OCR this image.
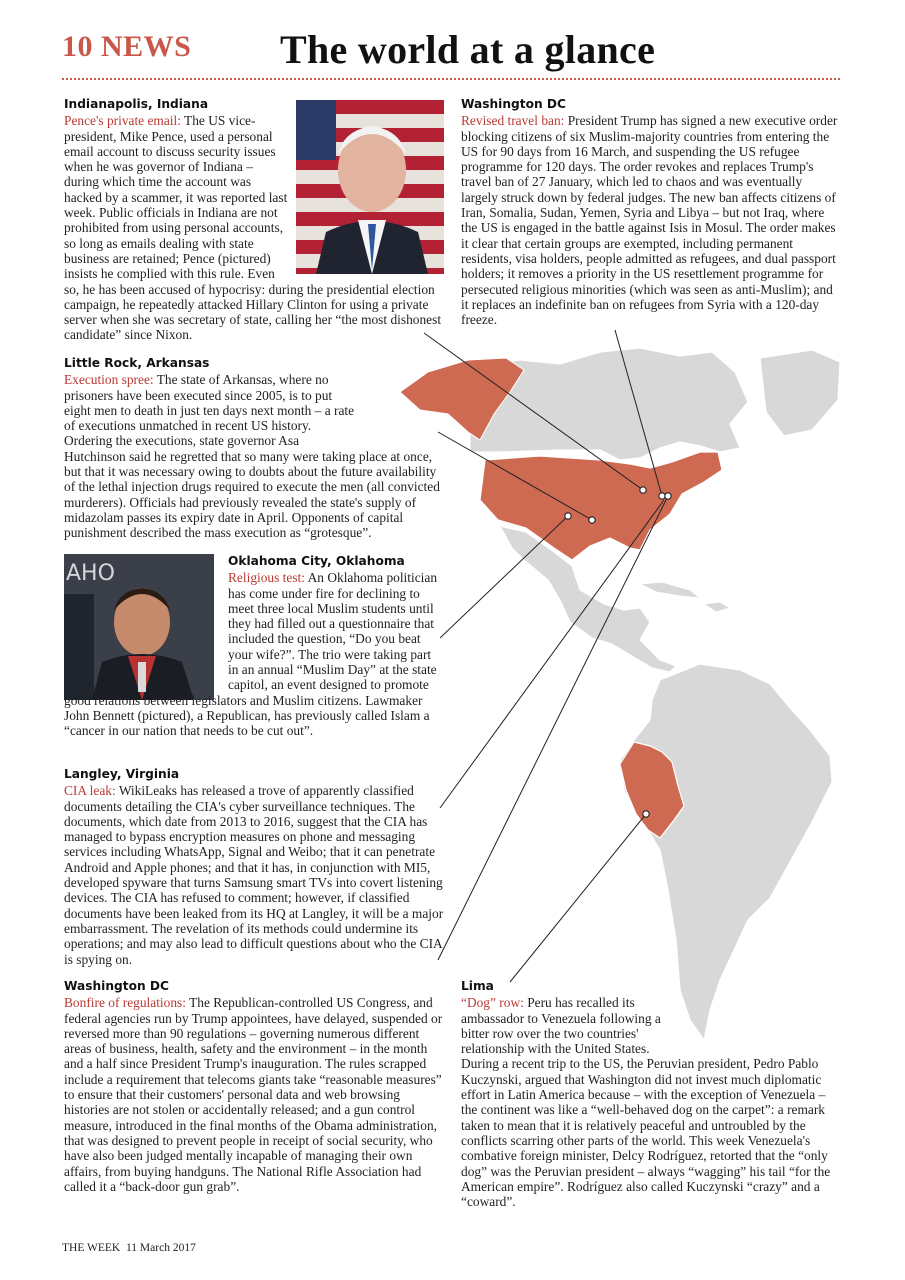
10 NEWS The world at a glance
AHO
Indianapolis, Indiana

Pence's private email: The US vice-president, Mike Pence, used a personal email account to discuss security issues when he was governor of Indiana – during which time the account was hacked by a scammer, it was reported last week. Public officials in Indiana are not prohibited from using personal accounts, so long as emails dealing with state business are retained; Pence (pictured) insists he complied with this rule. Even so, he has been accused of hypocrisy: during the presidential election campaign, he repeatedly attacked Hillary Clinton for using a private server when she was secretary of state, calling her “the most dishonest candidate” since Nixon.

Washington DC

Revised travel ban: President Trump has signed a new executive order blocking citizens of six Muslim-majority countries from entering the US for 90 days from 16 March, and suspending the US refugee programme for 120 days. The order revokes and replaces Trump's travel ban of 27 January, which led to chaos and was eventually largely struck down by federal judges. The new ban affects citizens of Iran, Somalia, Sudan, Yemen, Syria and Libya – but not Iraq, where the US is engaged in the battle against Isis in Mosul. The order makes it clear that certain groups are exempted, including permanent residents, visa holders, people admitted as refugees, and dual passport holders; it removes a priority in the US resettlement programme for persecuted religious minorities (which was seen as anti-Muslim); and it replaces an indefinite ban on refugees from Syria with a 120-day freeze.

Little Rock, Arkansas

Execution spree: The state of Arkansas, where no prisoners have been executed since 2005, is to put eight men to death in just ten days next month – a rate of executions unmatched in recent US history. Ordering the executions, state governor Asa Hutchinson said he regretted that so many were taking place at once, but that it was necessary owing to doubts about the future availability of the lethal injection drugs required to execute the men (all convicted murderers). Officials had previously revealed the state's supply of midazolam passes its expiry date in April. Opponents of capital punishment described the mass execution as “grotesque”.

Oklahoma City, Oklahoma
Religious test: An Oklahoma politician has come under fire for declining to meet three local Muslim students until they had filled out a questionnaire that included the question, “Do you beat your wife?”. The trio were taking part in an annual “Muslim Day” at the state capitol, an event designed to promote good relations between legislators and Muslim citizens. Lawmaker John Bennett (pictured), a Republican, has previously called Islam a “cancer in our nation that needs to be cut out”.

Langley, Virginia

CIA leak: WikiLeaks has released a trove of apparently classified documents detailing the CIA's cyber surveillance techniques. The documents, which date from 2013 to 2016, suggest that the CIA has managed to bypass encryption measures on phone and messaging services including WhatsApp, Signal and Weibo; that it can penetrate Android and Apple phones; and that it has, in conjunction with MI5, developed spyware that turns Samsung smart TVs into covert listening devices. The CIA has refused to comment; however, if classified documents have been leaked from its HQ at Langley, it will be a major embarrassment. The revelation of its methods could undermine its operations; and may also lead to difficult questions about who the CIA is spying on.

Washington DC

Bonfire of regulations: The Republican-controlled US Congress, and federal agencies run by Trump appointees, have delayed, suspended or reversed more than 90 regulations – governing numerous different areas of business, health, safety and the environment – in the month and a half since President Trump's inauguration. The rules scrapped include a requirement that telecoms giants take “reasonable measures” to ensure that their customers' personal data and web browsing histories are not stolen or accidentally released; and a gun control measure, introduced in the final months of the Obama administration, that was designed to prevent people in receipt of social security, who have also been judged mentally incapable of managing their own affairs, from buying handguns. The National Rifle Association had called it a “back-door gun grab”.

Lima

“Dog” row: Peru has recalled its ambassador to Venezuela following a bitter row over the two countries' relationship with the United States. During a recent trip to the US, the Peruvian president, Pedro Pablo Kuczynski, argued that Washington did not invest much diplomatic effort in Latin America because – with the exception of Venezuela – the continent was like a “well-behaved dog on the carpet”: a remark taken to mean that it is relatively peaceful and untroubled by the conflicts scarring other parts of the world. This week Venezuela's combative foreign minister, Delcy Rodríguez, retorted that the “only dog” was the Peruvian president – always “wagging” his tail “for the American empire”. Rodríguez also called Kuczynski “crazy” and a “coward”.

THE WEEK 11 March 2017
